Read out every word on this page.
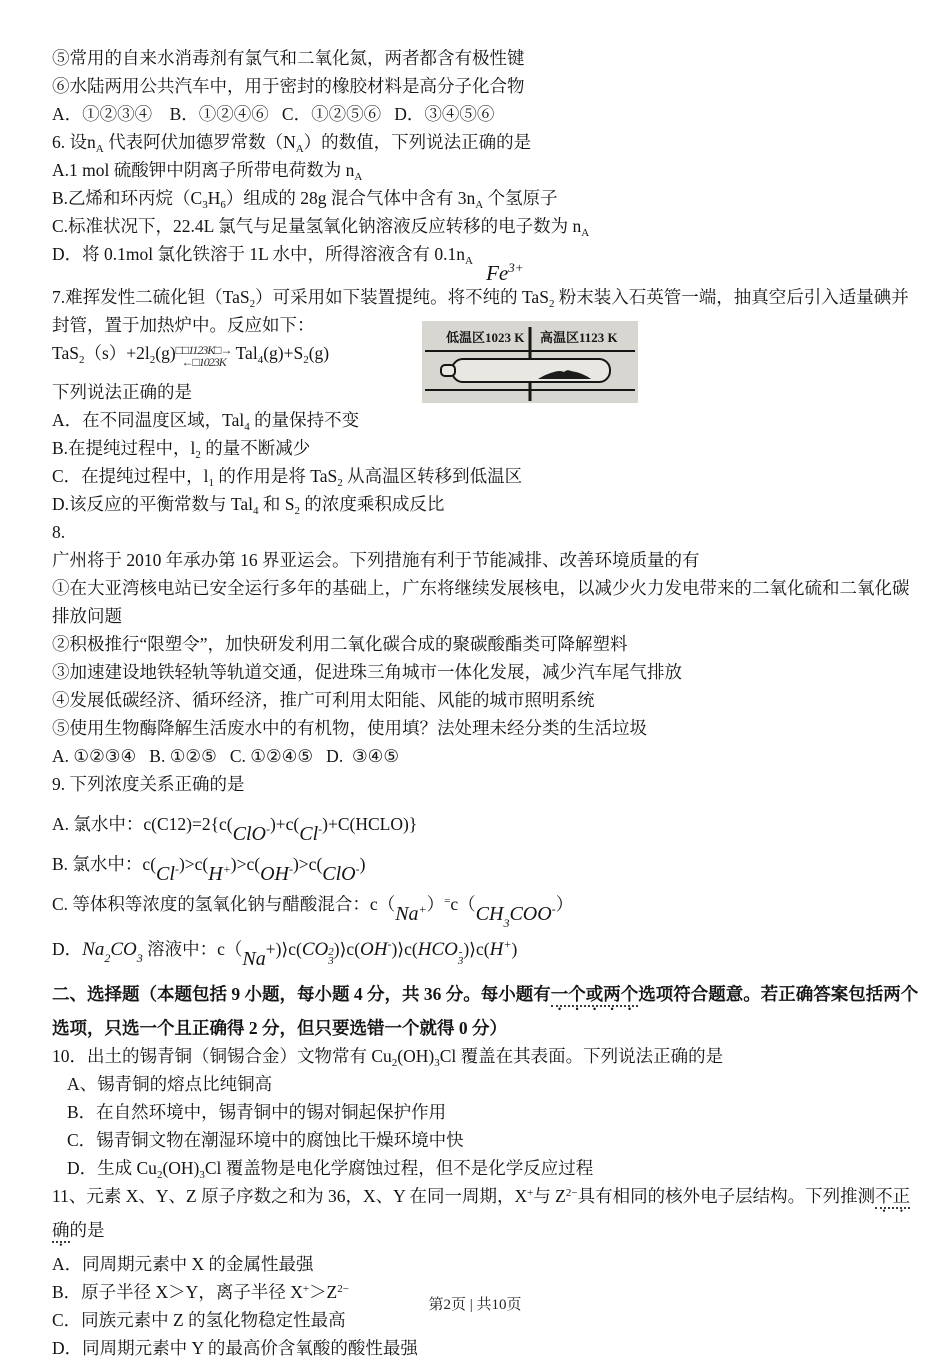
⑤常用的自来水消毒剂有氯气和二氧化氮，两者都含有极性键
⑥水陆两用公共汽车中，用于密封的橡胶材料是高分子化合物
A．①②③④    B．①②④⑥   C．①②⑤⑥   D．③④⑤⑥
6. 设$n_A$ 代表阿伏加德罗常数$(N_A)$的数值，下列说法正确的是
A.1 mol 硫酸钾中阴离子所带电荷数为 $n_A$
B.乙烯和环丙烷$(C_3H_6)$组成的 28g 混合气体中含有 $3n_A$ 个氢原子
C.标准状况下，22.4L 氯气与足量氢氧化钠溶液反应转移的电子数为 $n_A$
D．将 0.1mol 氯化铁溶于 1L 水中，所得溶液含有 $0.1n_A$ $Fe_{3+}$
7.难挥发性二硫化钽（TaS$_2$）可采用如下装置提纯。将不纯的 TaS$_2$ 粉末装入石英管一端，抽真空后引入适量碘并
封管，置于加热炉中。反应如下：
$TaS_2(s)+2l_2(g)$ □□1123K□→
←□1023K $Tal_4(g)+S_2(g)$
下列说法正确的是
A．在不同温度区域，Tal$_4$ 的量保持不变
B.在提纯过程中，$l_2$ 的量不断减少
C．在提纯过程中，$l_1$ 的作用是将 TaS$_2$ 从高温区转移到低温区
D.该反应的平衡常数与 Tal$_4$ 和 $S_2$ 的浓度乘积成反比
8.
广州将于 2010 年承办第 16 界亚运会。下列措施有利于节能减排、改善环境质量的有
①在大亚湾核电站已安全运行多年的基础上，广东将继续发展核电，以减少火力发电带来的二氧化硫和二氧化碳
排放问题
②积极推行“限塑令”，加快研发利用二氧化碳合成的聚碳酸酯类可降解塑料
③加速建设地铁轻轨等轨道交通，促进珠三角城市一体化发展，减少汽车尾气排放
④发展低碳经济、循环经济，推广可利用太阳能、风能的城市照明系统
⑤使用生物酶降解生活废水中的有机物，使用填？法处理未经分类的生活垃圾
A. ①②③④   B. ①②⑤   C. ①②④⑤   D.  ③④⑤
9. 下列浓度关系正确的是
A. 氯水中：c(C12)=2{c(ClO-)+c(Cl-)+C(HCLO)}
B. 氯水中：c(Cl-)>c(H+)>c(OH-)>c(ClO-)
C. 等体积等浓度的氢氧化钠与醋酸混合：$c(Na+)^=c(CH_3COO-)$
D．$Na_2CO_3$ 溶液中：c（Na+)⟩c(CO 2
3
)⟩c(OH-)⟩c(HCO -
3
)⟩c(H+)
二、选择题（本题包括 9 小题，每小题 4 分，共 36 分。每小题有一个或两个选项符合题意。若正确答案包括两个
选项，只选一个且正确得 2 分，但只要选错一个就得 0 分）
10．出土的锡青铜（铜锡合金）文物常有 $Cu_2(OH)_3Cl$ 覆盖在其表面。下列说法正确的是
A、锡青铜的熔点比纯铜高
B．在自然环境中，锡青铜中的锡对铜起保护作用
C．锡青铜文物在潮湿环境中的腐蚀比干燥环境中快
D．生成 $Cu_2(OH)_3Cl$ 覆盖物是电化学腐蚀过程，但不是化学反应过程
11、元素 X、Y、Z 原子序数之和为 36，X、Y 在同一周期，X+与 $Z^{2-}$具有相同的核外电子层结构。下列推测不正
确的是
A．同周期元素中 X 的金属性最强
B．原子半径 X＞Y，离子半径 $X^+>Z^{2-}$
C．同族元素中 Z 的氢化物稳定性最高
D．同周期元素中 Y 的最高价含氧酸的酸性最强
低温区1023 K 高温区1123 K
第2页 | 共10页
